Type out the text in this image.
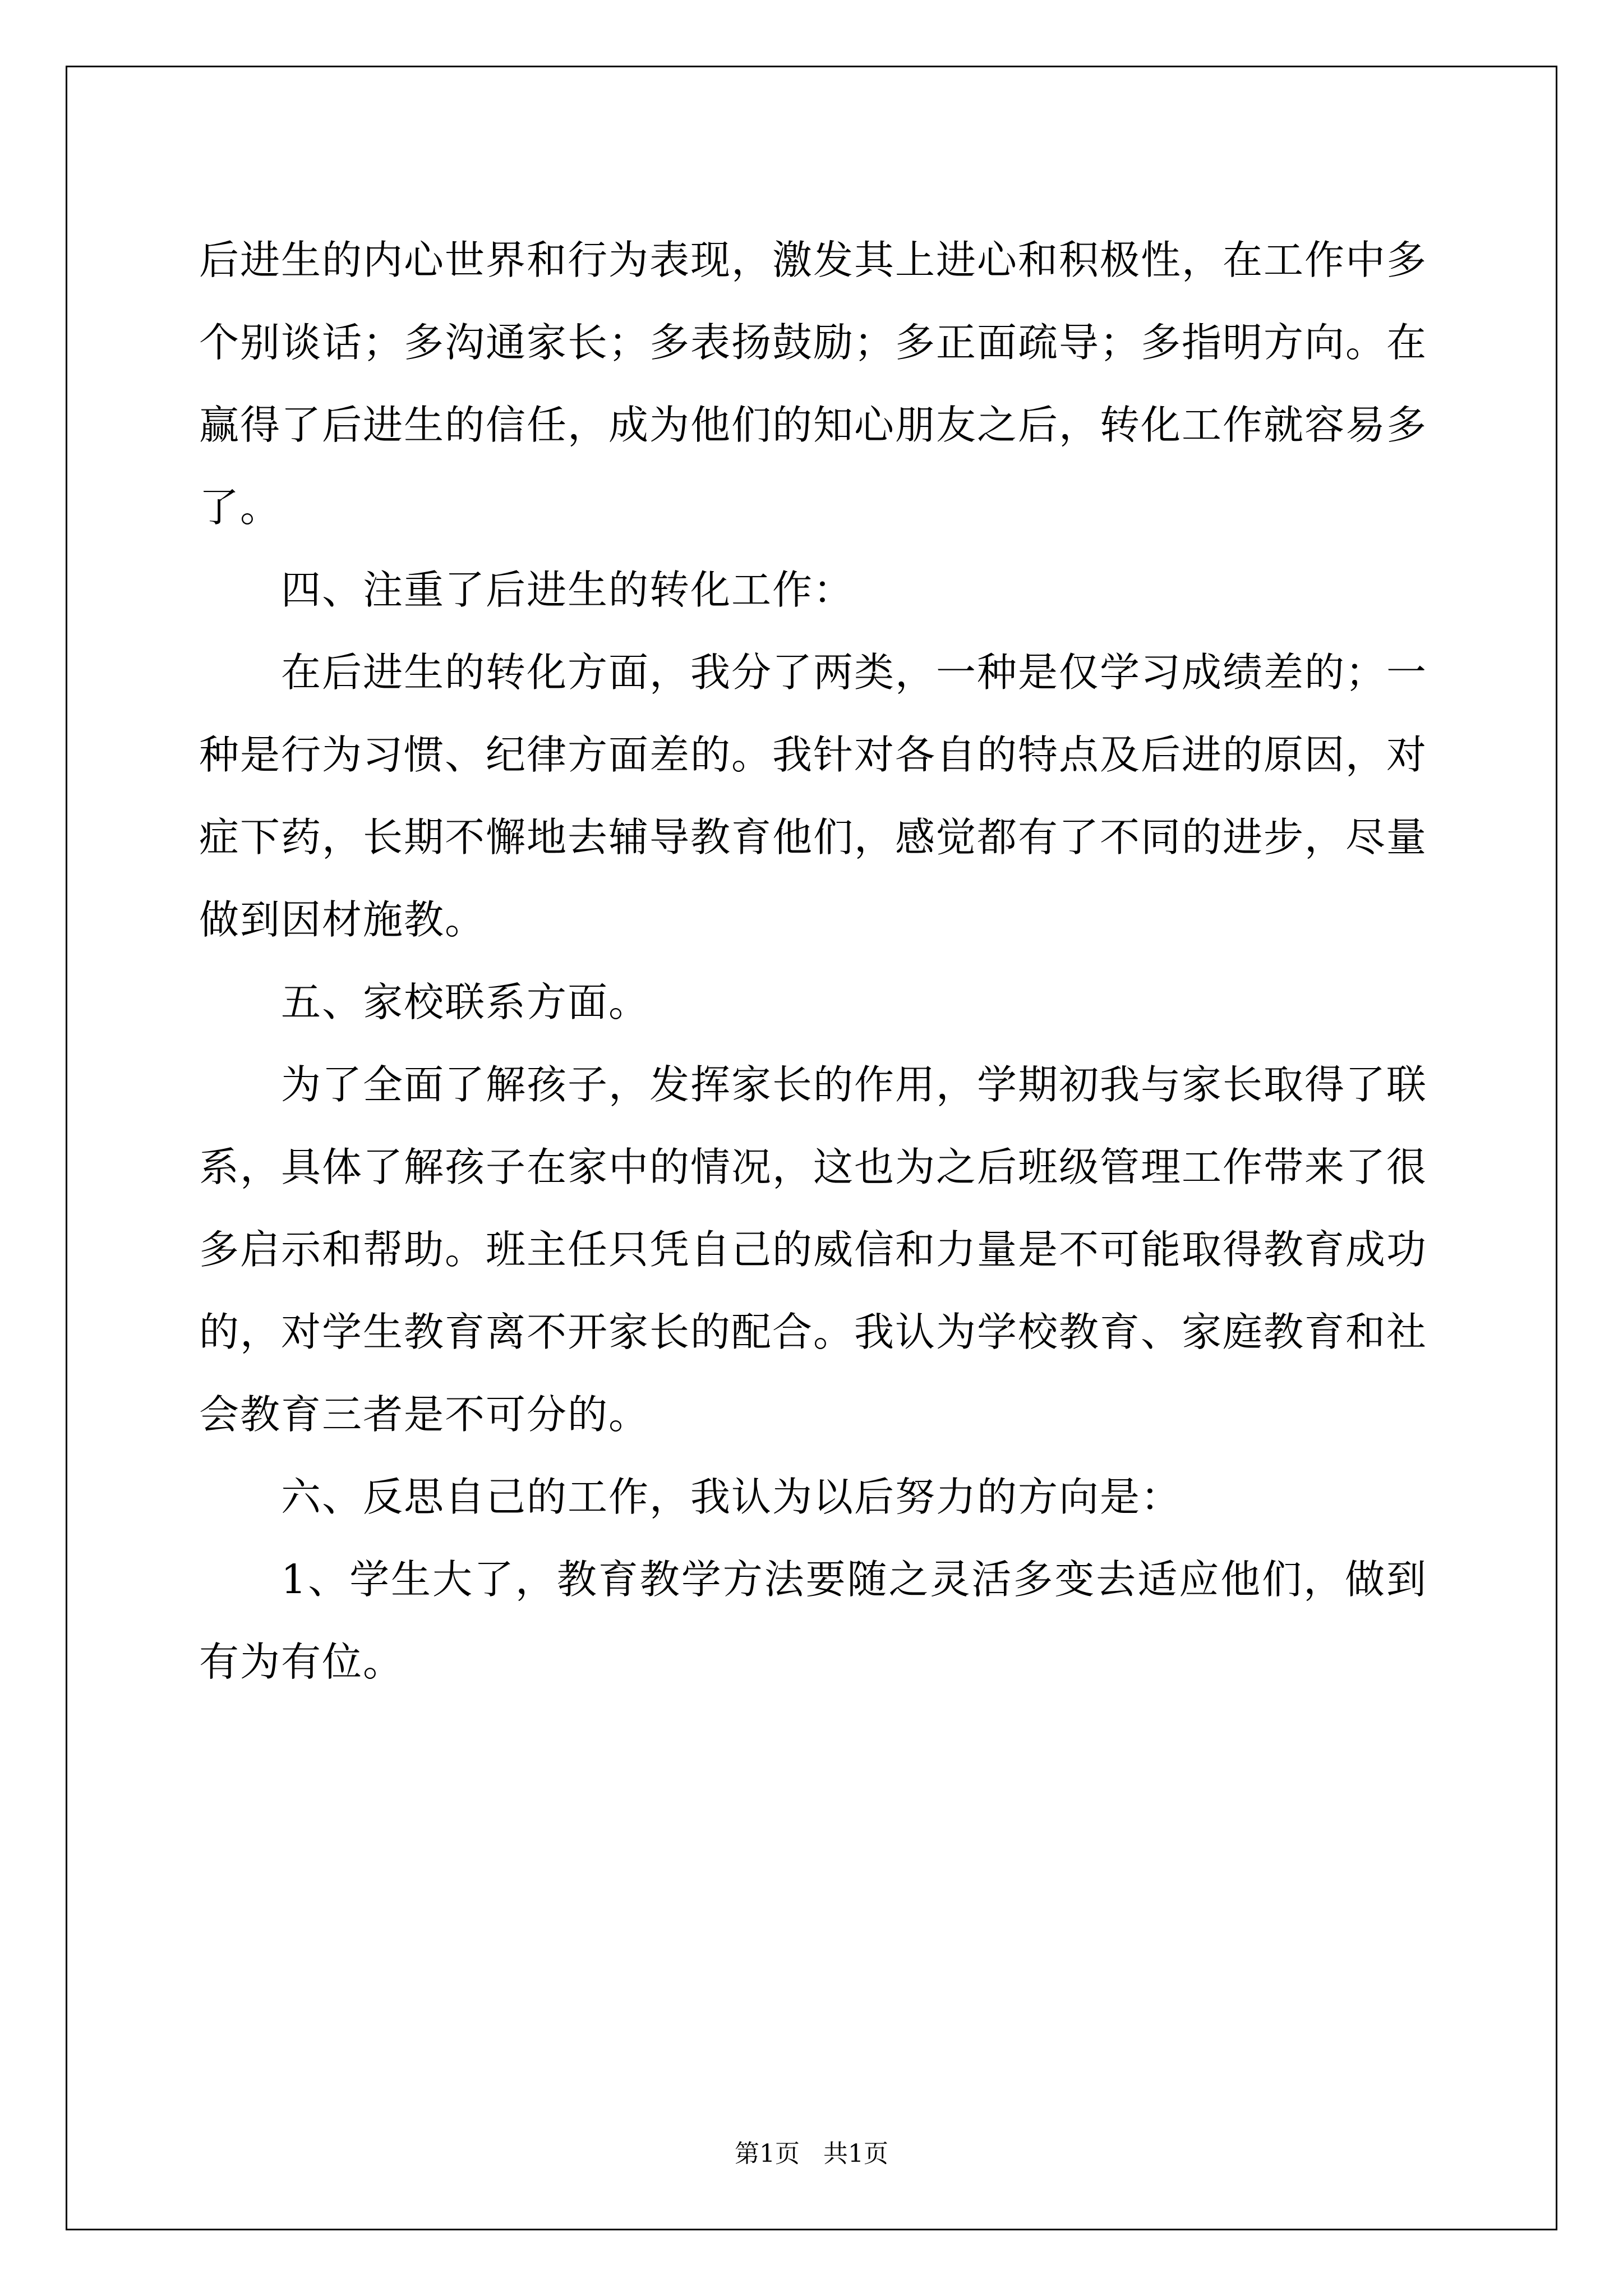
后进生的内心世界和行为表现，激发其上进心和积极性，在工作中多个别谈话；多沟通家长；多表扬鼓励；多正面疏导；多指明方向。在赢得了后进生的信任，成为他们的知心朋友之后，转化工作就容易多了。

四、注重了后进生的转化工作：

在后进生的转化方面，我分了两类，一种是仅学习成绩差的；一种是行为习惯、纪律方面差的。我针对各自的特点及后进的原因，对症下药，长期不懈地去辅导教育他们，感觉都有了不同的进步，尽量做到因材施教。

五、家校联系方面。

为了全面了解孩子，发挥家长的作用，学期初我与家长取得了联系，具体了解孩子在家中的情况，这也为之后班级管理工作带来了很多启示和帮助。班主任只凭自己的威信和力量是不可能取得教育成功的，对学生教育离不开家长的配合。我认为学校教育、家庭教育和社会教育三者是不可分的。

六、反思自己的工作，我认为以后努力的方向是：

1、学生大了，教育教学方法要随之灵活多变去适应他们，做到有为有位。

第1页   共1页
